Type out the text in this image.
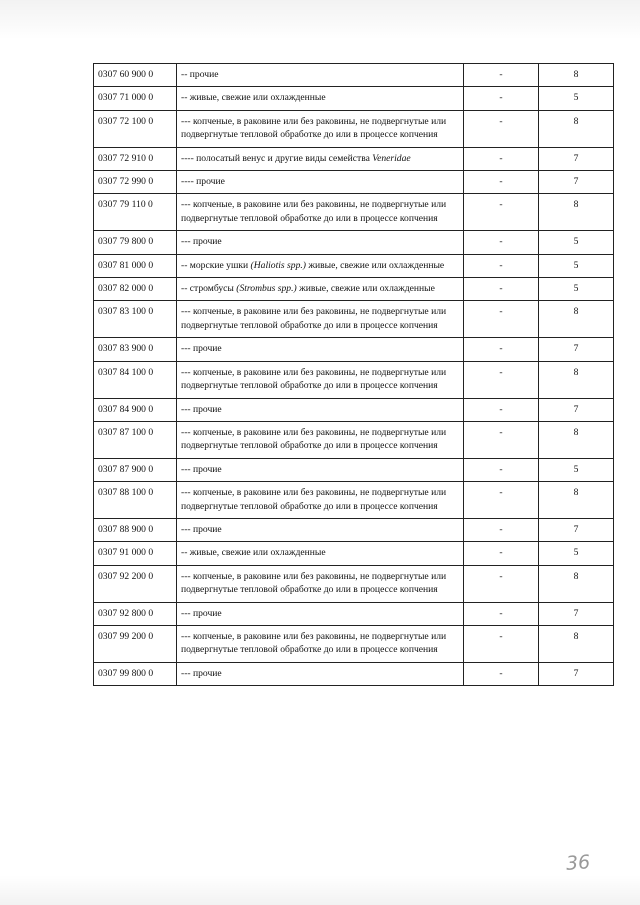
0307 60 900 0	-- прочие	-	8
0307 71 000 0	-- живые, свежие или охлажденные	-	5
0307 72 100 0	--- копченые, в раковине или без раковины, не подвергнутые или подвергнутые тепловой обработке до или в процессе копчения	-	8
0307 72 910 0	---- полосатый венус и другие виды семейства Veneridae	-	7
0307 72 990 0	---- прочие	-	7
0307 79 110 0	--- копченые, в раковине или без раковины, не подвергнутые или подвергнутые тепловой обработке до или в процессе копчения	-	8
0307 79 800 0	--- прочие	-	5
0307 81 000 0	-- морские ушки (Haliotis spp.) живые, свежие или охлажденные	-	5
0307 82 000 0	-- стромбусы (Strombus spp.) живые, свежие или охлажденные	-	5
0307 83 100 0	--- копченые, в раковине или без раковины, не подвергнутые или подвергнутые тепловой обработке до или в процессе копчения	-	8
0307 83 900 0	--- прочие	-	7
0307 84 100 0	--- копченые, в раковине или без раковины, не подвергнутые или подвергнутые тепловой обработке до или в процессе копчения	-	8
0307 84 900 0	--- прочие	-	7
0307 87 100 0	--- копченые, в раковине или без раковины, не подвергнутые или подвергнутые тепловой обработке до или в процессе копчения	-	8
0307 87 900 0	--- прочие	-	5
0307 88 100 0	--- копченые, в раковине или без раковины, не подвергнутые или подвергнутые тепловой обработке до или в процессе копчения	-	8
0307 88 900 0	--- прочие	-	7
0307 91 000 0	-- живые, свежие или охлажденные	-	5
0307 92 200 0	--- копченые, в раковине или без раковины, не подвергнутые или подвергнутые тепловой обработке до или в процессе копчения	-	8
0307 92 800 0	--- прочие	-	7
0307 99 200 0	--- копченые, в раковине или без раковины, не подвергнутые или подвергнутые тепловой обработке до или в процессе копчения	-	8
0307 99 800 0	--- прочие	-	7
36
